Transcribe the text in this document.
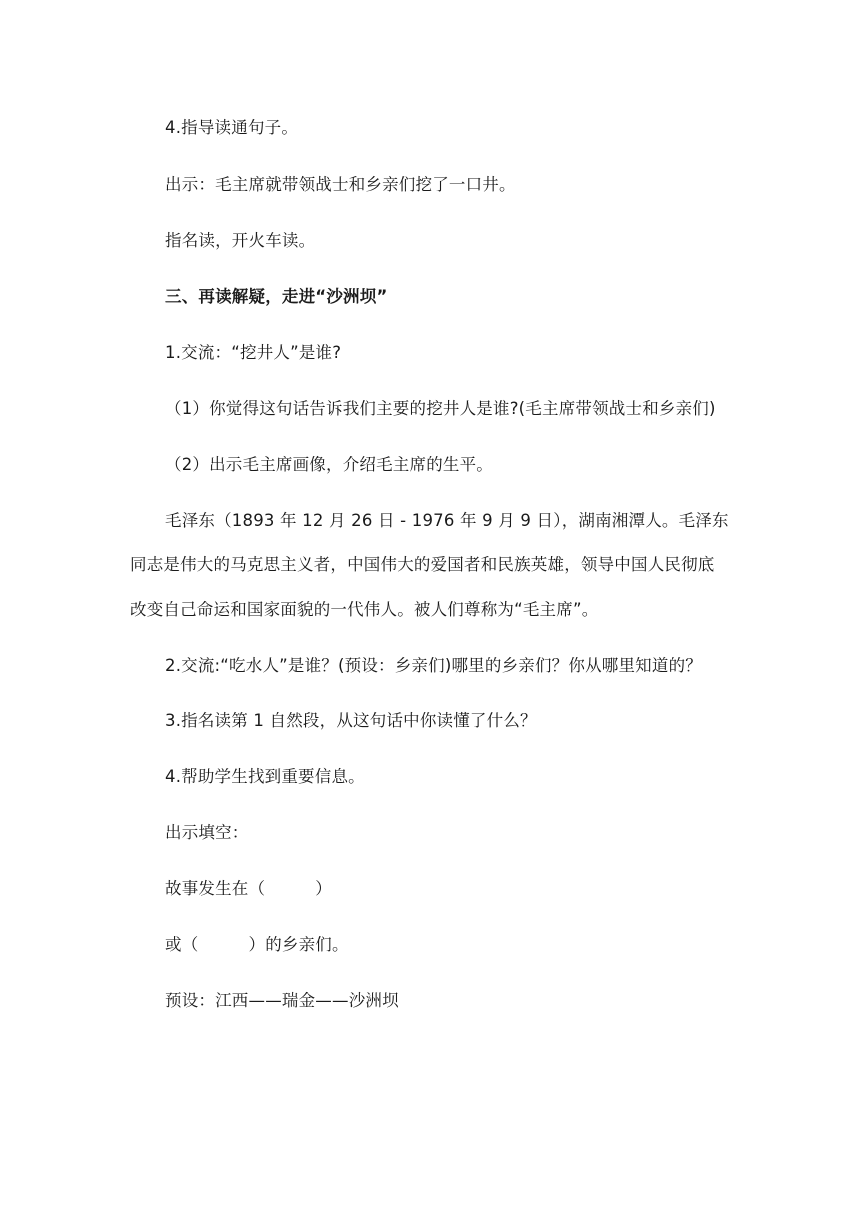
4.指导读通句子。
出示：毛主席就带领战士和乡亲们挖了一口井。
指名读，开火车读。
三、再读解疑，走进“沙洲坝”
1.交流：“挖井人”是谁?
（1）你觉得这句话告诉我们主要的挖井人是谁?(毛主席带领战士和乡亲们)
（2）出示毛主席画像，介绍毛主席的生平。
毛泽东（1893 年 12 月 26 日 - 1976 年 9 月 9 日），湖南湘潭人。毛泽东
同志是伟大的马克思主义者，中国伟大的爱国者和民族英雄，领导中国人民彻底
改变自己命运和国家面貌的一代伟人。被人们尊称为“毛主席”。
2.交流:“吃水人”是谁？(预设：乡亲们)哪里的乡亲们？你从哪里知道的？
3.指名读第 1 自然段，从这句话中你读懂了什么？
4.帮助学生找到重要信息。
出示填空：
故事发生在（　　　）
或（　　　）的乡亲们。
预设：江西——瑞金——沙洲坝
